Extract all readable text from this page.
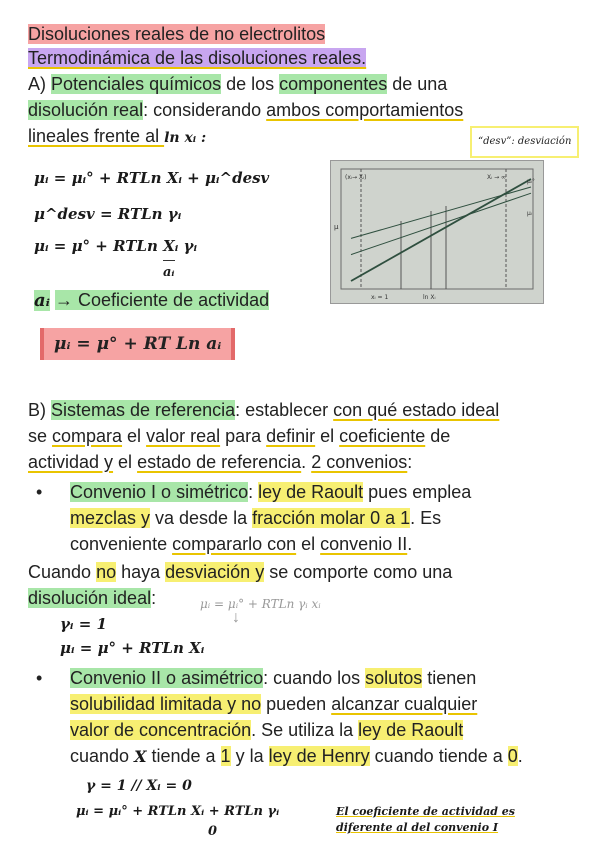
Disoluciones reales de no electrolitos
Termodinámica de las disoluciones reales.
A) Potenciales químicos de los componentes de una
disolución real: considerando ambos comportamientos
lineales frente al ln xᵢ :	“desv”: desviación
μᵢ = μᵢ° + RTLn Xᵢ + μᵢ^desv
μ^desv = RTLn γᵢ
μᵢ = μ° + RTLn Xᵢ γᵢ
aᵢ
aᵢ → Coeficiente de actividad
μᵢ = μ° + RT Ln aᵢ
(xᵢ→ Xᵢ)	Xᵢ → ∞
μ
xᵢ = 1	ln Xᵢ
μᵢ°
μᵢ
B) Sistemas de referencia: establecer con qué estado ideal
se compara el valor real para definir el coeficiente de
actividad y el estado de referencia. 2 convenios:
• Convenio I o simétrico: ley de Raoult pues emplea
mezclas y va desde la fracción molar 0 a 1. Es
conveniente compararlo con el convenio II.
Cuando no haya desviación y se comporte como una
disolución ideal:	μᵢ = μᵢ° + RTLn γᵢ xᵢ
↓
γᵢ = 1
μᵢ = μ° + RTLn Xᵢ
• Convenio II o asimétrico: cuando los solutos tienen
solubilidad limitada y no pueden alcanzar cualquier
valor de concentración. Se utiliza la ley de Raoult
cuando X tiende a 1 y la ley de Henry cuando tiende a 0.
γ = 1 // Xᵢ = 0
μᵢ = μᵢ° + RTLn Xᵢ + RTLn γᵢ
0
El coeficiente de actividad es
diferente al del convenio I
